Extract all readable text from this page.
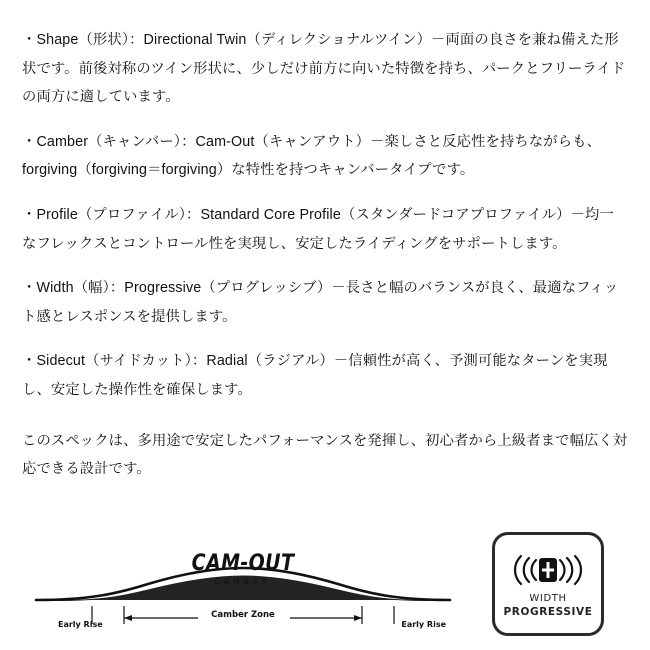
・Shape（形状）：Directional Twin（ディレクショナルツイン）－両面の良さを兼ね備えた形状です。前後対称のツイン形状に、少しだけ前方に向いた特徴を持ち、パークとフリーライドの両方に適しています。
・Camber（キャンバー）：Cam-Out（キャンアウト）－楽しさと反応性を持ちながらも、forgiving（forgiving＝forgiving）な特性を持つキャンバータイプです。
・Profile（プロファイル）：Standard Core Profile（スタンダードコアプロファイル）－均一なフレックスとコントロール性を実現し、安定したライディングをサポートします。
・Width（幅）：Progressive（プログレッシブ）－長さと幅のバランスが良く、最適なフィット感とレスポンスを提供します。
・Sidecut（サイドカット）：Radial（ラジアル）－信頼性が高く、予測可能なターンを実現し、安定した操作性を確保します。

このスペックは、多用途で安定したパフォーマンスを発揮し、初心者から上級者まで幅広く対応できる設計です。

CAM-OUT
CAMBER
Early Rise
Camber Zone
Early Rise
WIDTH
PROGRESSIVE
